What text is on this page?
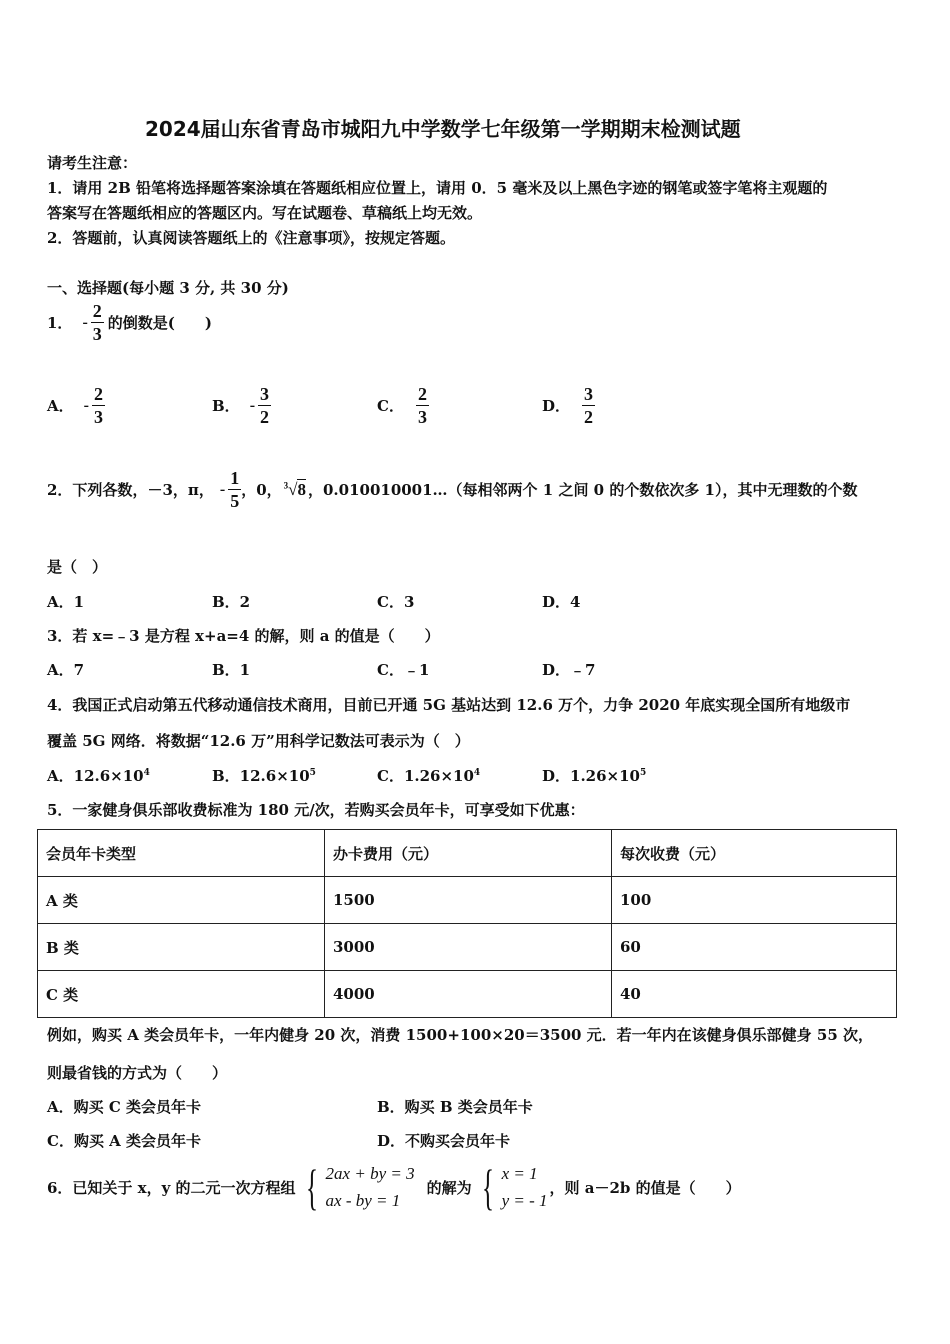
2024届山东省青岛市城阳九中学数学七年级第一学期期末检测试题
请考生注意：
1．请用 2B 铅笔将选择题答案涂填在答题纸相应位置上，请用 0．5 毫米及以上黑色字迹的钢笔或签字笔将主观题的
答案写在答题纸相应的答题区内。写在试题卷、草稿纸上均无效。
2．答题前，认真阅读答题纸上的《注意事项》，按规定答题。
一、选择题(每小题 3 分, 共 30 分)
1． - $\frac{2}{3}$ 的倒数是(　　)
A． - $\frac{2}{3}$	B． - $\frac{3}{2}$	C． $\frac{2}{3}$	D． $\frac{3}{2}$
2．下列各数，－3，π， - $\frac{1}{5}$ ，0， $^3$√8 ，0.010010001…（每相邻两个 1 之间 0 的个数依次多 1），其中无理数的个数
是（　）
A．1	B．2	C．3	D．4
3．若 x=﹣3 是方程 x+a=4 的解，则 a 的值是（　　）
A．7	B．1	C．﹣1	D．﹣7
4．我国正式启动第五代移动通信技术商用，目前已开通 5G 基站达到 12.6 万个，力争 2020 年底实现全国所有地级市
覆盖 5G 网络．将数据“12.6 万”用科学记数法可表示为（　）
A．$12.6\times 10^4$	B．$12.6\times 10^5$	C．$1.26\times 10^4$	D．$1.26\times 10^5$
5．一家健身俱乐部收费标准为 180 元/次，若购买会员年卡，可享受如下优惠：
会员年卡类型	办卡费用（元）	每次收费（元）
A 类	1500	100
B 类	3000	60
C 类	4000	40
例如，购买 A 类会员年卡，一年内健身 20 次，消费 1500+100×20＝3500 元．若一年内在该健身俱乐部健身 55 次，
则最省钱的方式为（　　）
A．购买 C 类会员年卡	B．购买 B 类会员年卡
C．购买 A 类会员年卡	D．不购买会员年卡
6．已知关于 x，y 的二元一次方程组 { 2ax + by = 3
ax - by = 1
的解为 { x = 1
y = - 1
，则 a－2b 的值是（　　）
